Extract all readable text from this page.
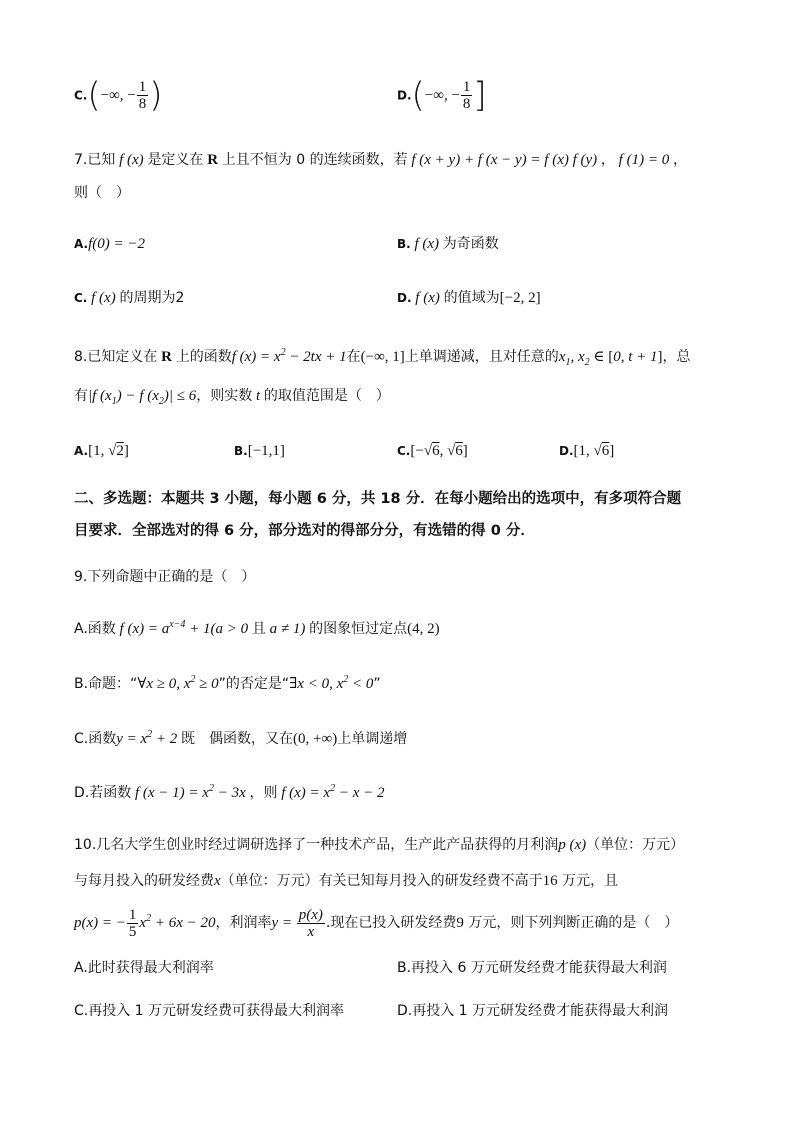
C.(−∞, − $\frac{1}{8}$ )	D.(−∞, − $\frac{1}{8}$ ]
7.已知 f (x) 是定义在 R 上且不恒为 0 的连续函数，若 f (x + y) + f (x − y) = f (x) f (y) ， f (1) = 0 ，
则（　）
A.f(0) = −2	B. f (x) 为奇函数
C. f (x) 的周期为2	D. f (x) 的值域为[−2, 2]
8.已知定义在 R 上的函数f $(x) = x^2 - 2tx + 1$在(−∞, 1]上单调递减，且对任意的$x_1$, $x_2$ ∈ [0, t + 1]，总
有|f $(x_1) - f$ $(x_2)| \le 6$，则实数 t 的取值范围是（　）
A.[1, √2]	B.[−1,1]	C.[−√6, √6]	D.[1, √6]
二、多选题：本题共 3 小题，每小题 6 分，共 18 分．在每小题给出的选项中，有多项符合题
目要求．全部选对的得 6 分，部分选对的得部分分，有选错的得 0 分．
9.下列命题中正确的是（　）
A.函数 f $(x) = a^{x-4} + 1(a > 0$ 且 a ≠ 1) 的图象恒过定点(4, 2)
B.命题：“∀x ≥ 0, $x^2 \ge 0$”的否定是“∃x < 0, $x^2 < 0$”
C.函数$y = x^2 + 2$ 既　偶函数，又在(0, +∞)上单调递增
D.若函数 f $(x - 1) = x^2 - 3x$ ，则 f $(x) = x^2 - x - 2$
10.几名大学生创业时经过调研选择了一种技术产品，生产此产品获得的月利润p (x)（单位：万元）
与每月投入的研发经费x（单位：万元）有关已知每月投入的研发经费不高于16 万元，且
p(x) = − $\frac{1}{5} x^2 + 6x - 20$，利润率$y = \frac{p(x)}{x}$ .现在已投入研发经费9 万元，则下列判断正确的是（　）
A.此时获得最大利润率	B.再投入 6 万元研发经费才能获得最大利润
C.再投入 1 万元研发经费可获得最大利润率	D.再投入 1 万元研发经费才能获得最大利润
